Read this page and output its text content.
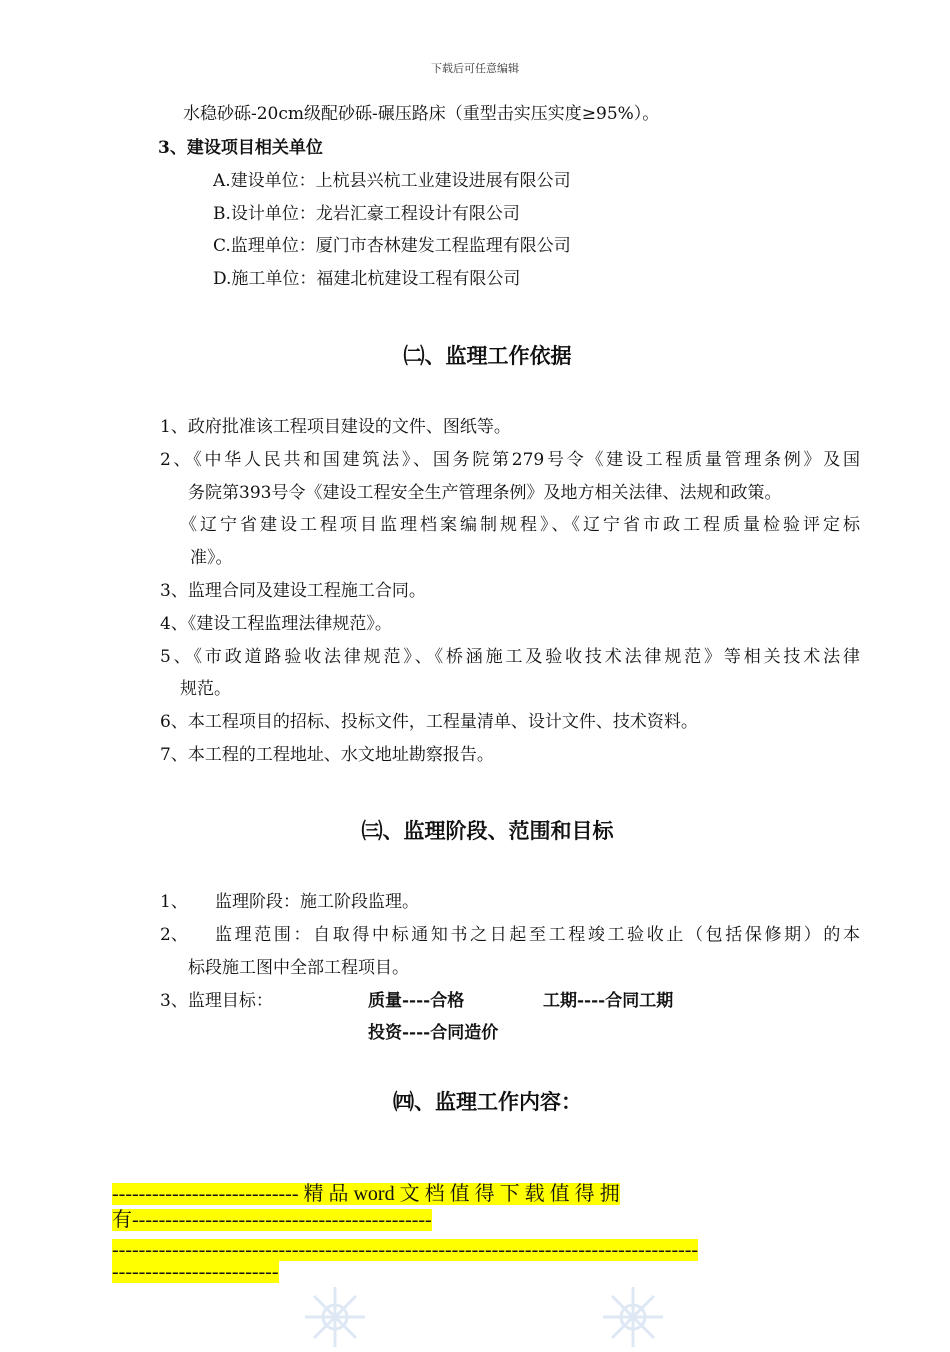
下载后可任意编辑
水稳砂砾-20cm级配砂砾-碾压路床（重型击实压实度≥95%）。
3、建设项目相关单位
A.建设单位：上杭县兴杭工业建设进展有限公司
B.设计单位：龙岩汇豪工程设计有限公司
C.监理单位：厦门市杏林建发工程监理有限公司
D.施工单位：福建北杭建设工程有限公司
㈡、监理工作依据
1、政府批准该工程项目建设的文件、图纸等。
2、《中华人民共和国建筑法》、国务院第279号令《建设工程质量管理条例》及国
务院第393号令《建设工程安全生产管理条例》及地方相关法律、法规和政策。
《辽宁省建设工程项目监理档案编制规程》、《辽宁省市政工程质量检验评定标
准》。
3、监理合同及建设工程施工合同。
4、《建设工程监理法律规范》。
5、《市政道路验收法律规范》、《桥涵施工及验收技术法律规范》等相关技术法律
规范。
6、本工程项目的招标、投标文件，工程量清单、设计文件、技术资料。
7、本工程的工程地址、水文地址勘察报告。
㈢、监理阶段、范围和目标
1、 监理阶段：施工阶段监理。
2、 监理范围：自取得中标通知书之日起至工程竣工验收止（包括保修期）的本
标段施工图中全部工程项目。
3、监理目标：	质量----合格	工期----合同工期
投资----合同造价
㈣、监理工作内容：
---------------------------- 精 品 word 文 档 值 得 下 载 值 得 拥
有---------------------------------------------
----------------------------------------------------------------------------------------
-------------------------
